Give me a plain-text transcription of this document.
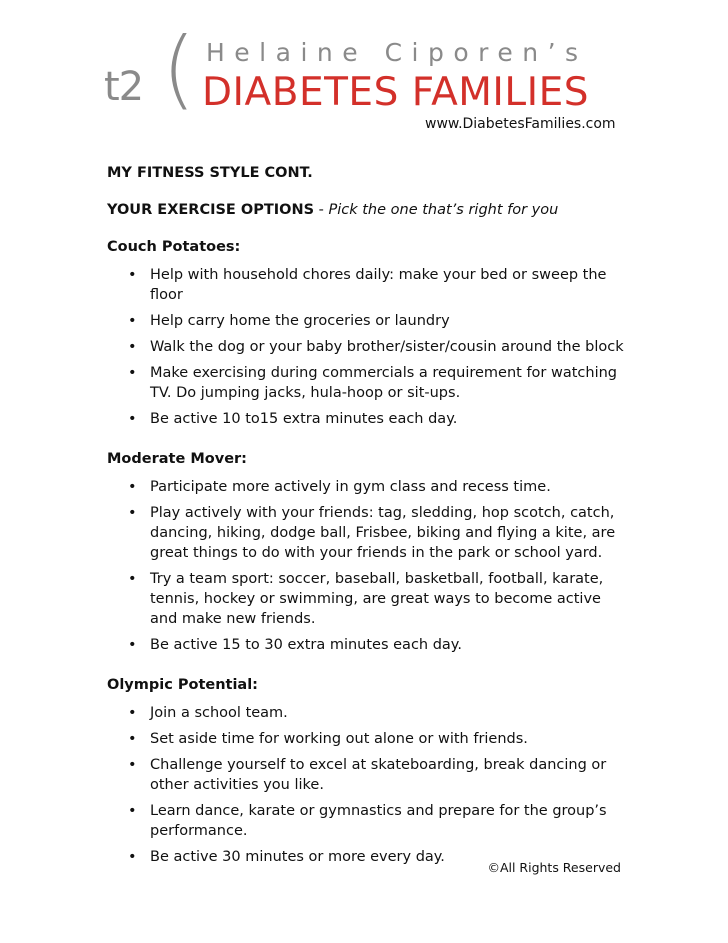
t2 ( Helaine Ciporen’s
DIABETES FAMILIES
www.DiabetesFamilies.com
MY FITNESS STYLE CONT.
YOUR EXERCISE OPTIONS - Pick the one that’s right for you
Couch Potatoes:
• Help with household chores daily: make your bed or sweep the floor
• Help carry home the groceries or laundry
• Walk the dog or your baby brother/sister/cousin around the block
• Make exercising during commercials a requirement for watching TV. Do jumping jacks, hula-hoop or sit-ups.
• Be active 10 to15 extra minutes each day.
Moderate Mover:
• Participate more actively in gym class and recess time.
• Play actively with your friends: tag, sledding, hop scotch, catch, dancing, hiking, dodge ball, Frisbee, biking and flying a kite, are great things to do with your friends in the park or school yard.
• Try a team sport: soccer, baseball, basketball, football, karate, tennis, hockey or swimming, are great ways to become active and make new friends.
• Be active 15 to 30 extra minutes each day.
Olympic Potential:
• Join a school team.
• Set aside time for working out alone or with friends.
• Challenge yourself to excel at skateboarding, break dancing or other activities you like.
• Learn dance, karate or gymnastics and prepare for the group’s performance.
• Be active 30 minutes or more every day.
©All Rights Reserved
